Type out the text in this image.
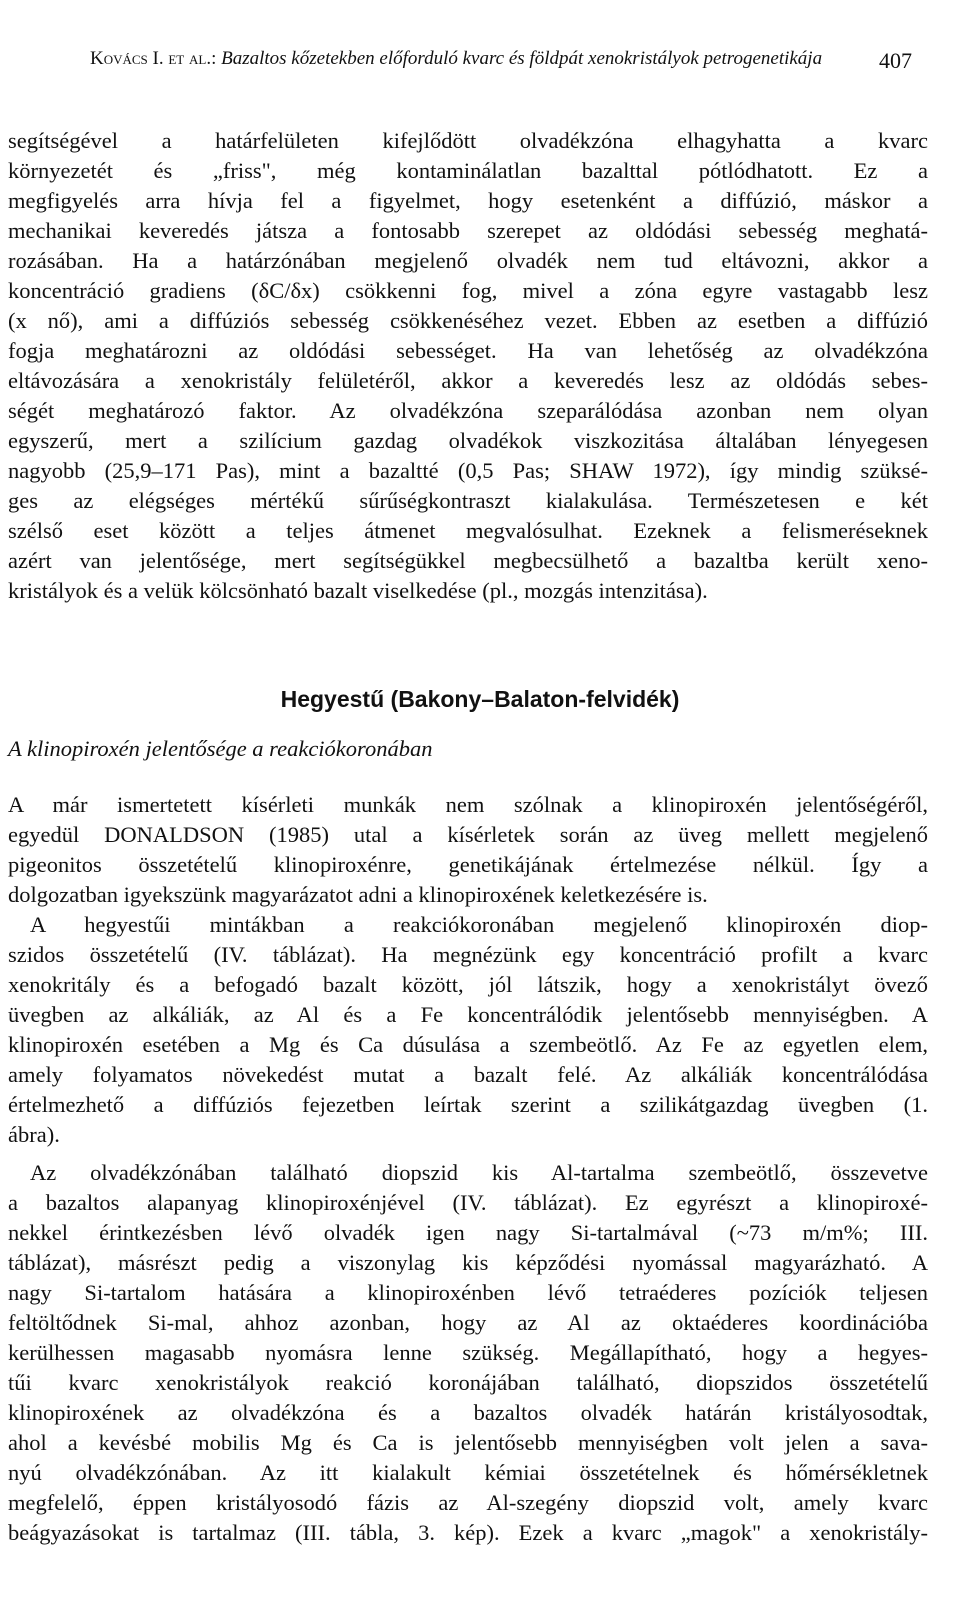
Kovács I. et al.: Bazaltos kőzetekben előforduló kvarc és földpát xenokristályok petrogenetikája	407
segítségével a határfelületen kifejlődött olvadékzóna elhagyhatta a kvarc
környezetét és „friss", még kontaminálatlan bazalttal pótlódhatott. Ez a
megfigyelés arra hívja fel a figyelmet, hogy esetenként a diffúzió, máskor a
mechanikai keveredés játsza a fontosabb szerepet az oldódási sebesség meghatá-
rozásában. Ha a határzónában megjelenő olvadék nem tud eltávozni, akkor a
koncentráció gradiens (δC/δx) csökkenni fog, mivel a zóna egyre vastagabb lesz
(x nő), ami a diffúziós sebesség csökkenéséhez vezet. Ebben az esetben a diffúzió
fogja meghatározni az oldódási sebességet. Ha van lehetőség az olvadékzóna
eltávozására a xenokristály felületéről, akkor a keveredés lesz az oldódás sebes-
ségét meghatározó faktor. Az olvadékzóna szeparálódása azonban nem olyan
egyszerű, mert a szilícium gazdag olvadékok viszkozitása általában lényegesen
nagyobb (25,9–171 Pas), mint a bazaltté (0,5 Pas; SHAW 1972), így mindig szüksé-
ges az elégséges mértékű sűrűségkontraszt kialakulása. Természetesen e két
szélső eset között a teljes átmenet megvalósulhat. Ezeknek a felismeréseknek
azért van jelentősége, mert segítségükkel megbecsülhető a bazaltba került xeno-
kristályok és a velük kölcsönható bazalt viselkedése (pl., mozgás intenzitása).
Hegyestű (Bakony–Balaton-felvidék)
A klinopiroxén jelentősége a reakciókoronában
A már ismertetett kísérleti munkák nem szólnak a klinopiroxén jelentőségéről,
egyedül DONALDSON (1985) utal a kísérletek során az üveg mellett megjelenő
pigeonitos összetételű klinopiroxénre, genetikájának értelmezése nélkül. Így a
dolgozatban igyekszünk magyarázatot adni a klinopiroxének keletkezésére is.
A hegyestűi mintákban a reakciókoronában megjelenő klinopiroxén diop-
szidos összetételű (IV. táblázat). Ha megnézünk egy koncentráció profilt a kvarc
xenokritály és a befogadó bazalt között, jól látszik, hogy a xenokristályt övező
üvegben az alkáliák, az Al és a Fe koncentrálódik jelentősebb mennyiségben. A
klinopiroxén esetében a Mg és Ca dúsulása a szembeötlő. Az Fe az egyetlen elem,
amely folyamatos növekedést mutat a bazalt felé. Az alkáliák koncentrálódása
értelmezhető a diffúziós fejezetben leírtak szerint a szilikátgazdag üvegben (1.
ábra).
Az olvadékzónában található diopszid kis Al-tartalma szembeötlő, összevetve
a bazaltos alapanyag klinopiroxénjével (IV. táblázat). Ez egyrészt a klinopiroxé-
nekkel érintkezésben lévő olvadék igen nagy Si-tartalmával (~73 m/m%; III.
táblázat), másrészt pedig a viszonylag kis képződési nyomással magyarázható. A
nagy Si-tartalom hatására a klinopiroxénben lévő tetraéderes pozíciók teljesen
feltöltődnek Si-mal, ahhoz azonban, hogy az Al az oktaéderes koordinációba
kerülhessen magasabb nyomásra lenne szükség. Megállapítható, hogy a hegyes-
tűi kvarc xenokristályok reakció koronájában található, diopszidos összetételű
klinopiroxének az olvadékzóna és a bazaltos olvadék határán kristályosodtak,
ahol a kevésbé mobilis Mg és Ca is jelentősebb mennyiségben volt jelen a sava-
nyú olvadékzónában. Az itt kialakult kémiai összetételnek és hőmérsékletnek
megfelelő, éppen kristályosodó fázis az Al-szegény diopszid volt, amely kvarc
beágyazásokat is tartalmaz (III. tábla, 3. kép). Ezek a kvarc „magok" a xenokristály-
